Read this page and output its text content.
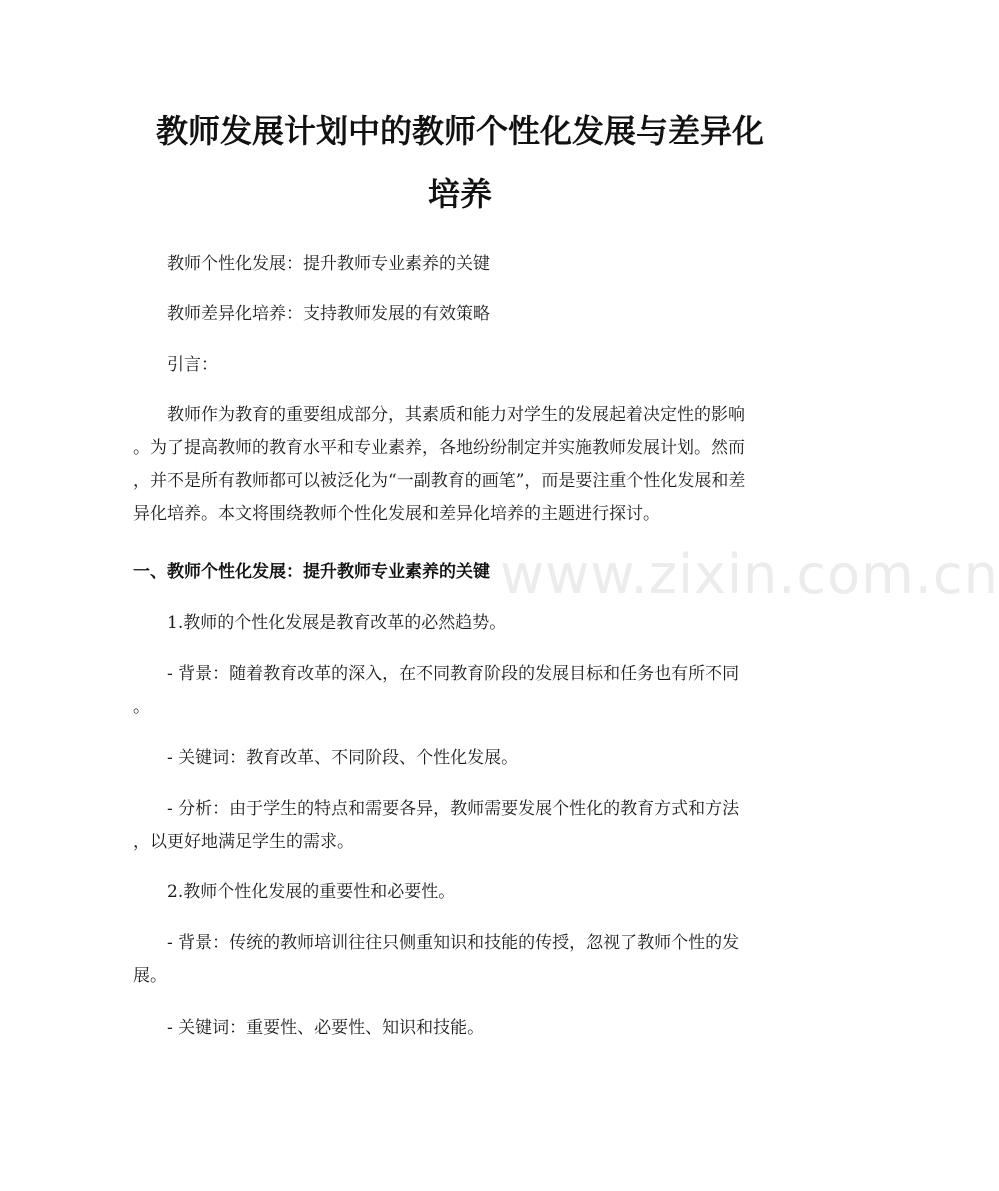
教师发展计划中的教师个性化发展与差异化
培养
教师个性化发展：提升教师专业素养的关键
教师差异化培养：支持教师发展的有效策略
引言：
教师作为教育的重要组成部分，其素质和能力对学生的发展起着决定性的影响
。为了提高教师的教育水平和专业素养，各地纷纷制定并实施教师发展计划。然而
，并不是所有教师都可以被泛化为“一副教育的画笔”，而是要注重个性化发展和差
异化培养。本文将围绕教师个性化发展和差异化培养的主题进行探讨。
一、教师个性化发展：提升教师专业素养的关键
1.教师的个性化发展是教育改革的必然趋势。
- 背景：随着教育改革的深入，在不同教育阶段的发展目标和任务也有所不同
。
- 关键词：教育改革、不同阶段、个性化发展。
- 分析：由于学生的特点和需要各异，教师需要发展个性化的教育方式和方法
，以更好地满足学生的需求。
2.教师个性化发展的重要性和必要性。
- 背景：传统的教师培训往往只侧重知识和技能的传授，忽视了教师个性的发
展。
- 关键词：重要性、必要性、知识和技能。
www.zixin.com.cn
